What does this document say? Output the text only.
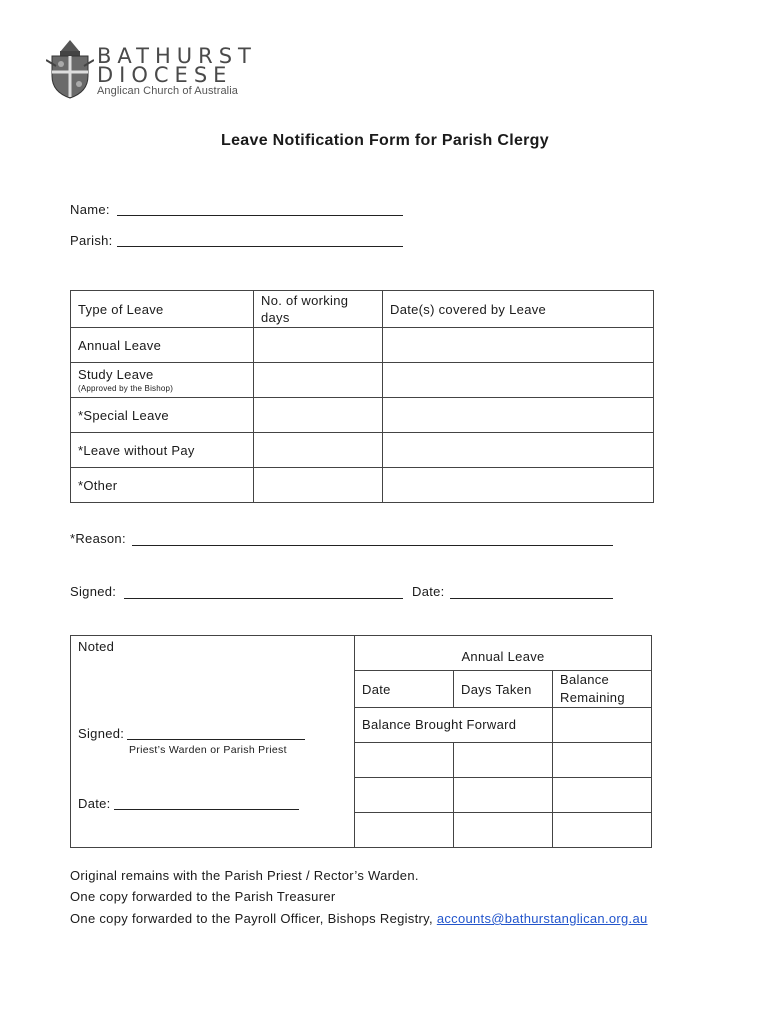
BATHURST
DIOCESE
Anglican Church of Australia
Leave Notification Form for Parish Clergy
Name:
Parish:
Type of Leave	No. of working days	Date(s) covered by Leave
Annual Leave		
Study Leave
(Approved by the Bishop)		

*Special Leave		
*Leave without Pay		
*Other		
*Reason:
Signed:	Date:
Noted
Signed:
Priest’s Warden or Parish Priest
Date:
Annual Leave		
Date	Days Taken	Balance Remaining
Balance Brought Forward		

Original remains with the Parish Priest / Rector’s Warden.
One copy forwarded to the Parish Treasurer
One copy forwarded to the Payroll Officer, Bishops Registry, accounts@bathurstanglican.org.au
